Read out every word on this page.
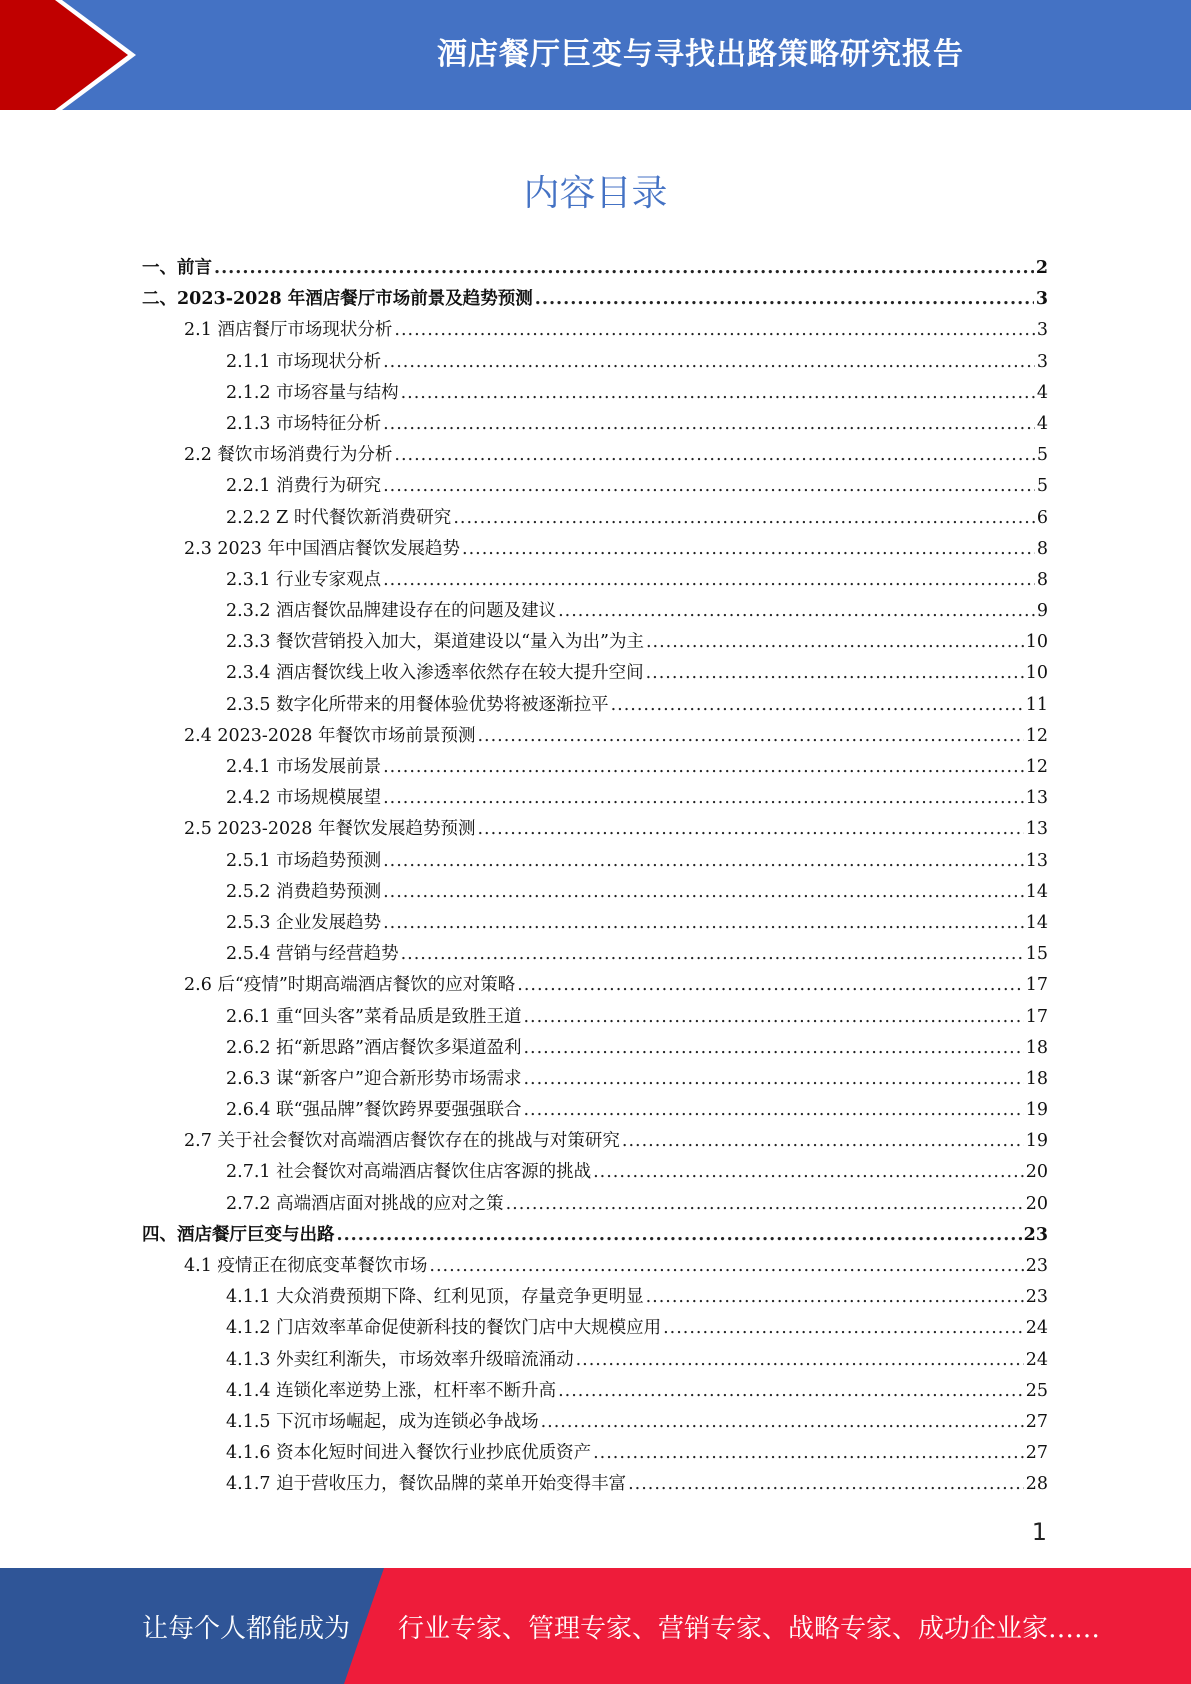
酒店餐厅巨变与寻找出路策略研究报告
内容目录
一、前言 .....	2
二、2023-2028 年酒店餐厅市场前景及趋势预测 .....	3
2.1 酒店餐厅市场现状分析 .....	3
2.1.1 市场现状分析 .....	3
2.1.2 市场容量与结构 .....	4
2.1.3 市场特征分析 .....	4
2.2 餐饮市场消费行为分析 .....	5
2.2.1 消费行为研究 .....	5
2.2.2 Z 时代餐饮新消费研究 .....	6
2.3 2023 年中国酒店餐饮发展趋势 .....	8
2.3.1 行业专家观点 .....	8
2.3.2 酒店餐饮品牌建设存在的问题及建议 .....	9
2.3.3 餐饮营销投入加大，渠道建设以“量入为出”为主 .....	10
2.3.4 酒店餐饮线上收入渗透率依然存在较大提升空间 .....	10
2.3.5 数字化所带来的用餐体验优势将被逐渐拉平 .....	11
2.4 2023-2028 年餐饮市场前景预测 .....	12
2.4.1 市场发展前景 .....	12
2.4.2 市场规模展望 .....	13
2.5 2023-2028 年餐饮发展趋势预测 .....	13
2.5.1 市场趋势预测 .....	13
2.5.2 消费趋势预测 .....	14
2.5.3 企业发展趋势 .....	14
2.5.4 营销与经营趋势 .....	15
2.6 后“疫情”时期高端酒店餐饮的应对策略 .....	17
2.6.1 重“回头客”菜肴品质是致胜王道 .....	17
2.6.2 拓“新思路”酒店餐饮多渠道盈利 .....	18
2.6.3 谋“新客户”迎合新形势市场需求 .....	18
2.6.4 联“强品牌”餐饮跨界要强强联合 .....	19
2.7 关于社会餐饮对高端酒店餐饮存在的挑战与对策研究 .....	19
2.7.1 社会餐饮对高端酒店餐饮住店客源的挑战 .....	20
2.7.2 高端酒店面对挑战的应对之策 .....	20
四、酒店餐厅巨变与出路 .....	23
4.1 疫情正在彻底变革餐饮市场 .....	23
4.1.1 大众消费预期下降、红利见顶，存量竞争更明显 .....	23
4.1.2 门店效率革命促使新科技的餐饮门店中大规模应用 .....	24
4.1.3 外卖红利渐失，市场效率升级暗流涌动 .....	24
4.1.4 连锁化率逆势上涨，杠杆率不断升高 .....	25
4.1.5 下沉市场崛起，成为连锁必争战场 .....	27
4.1.6 资本化短时间进入餐饮行业抄底优质资产 .....	27
4.1.7 迫于营收压力，餐饮品牌的菜单开始变得丰富 .....	28
1
让每个人都能成为 行业专家、管理专家、营销专家、战略专家、成功企业家……
